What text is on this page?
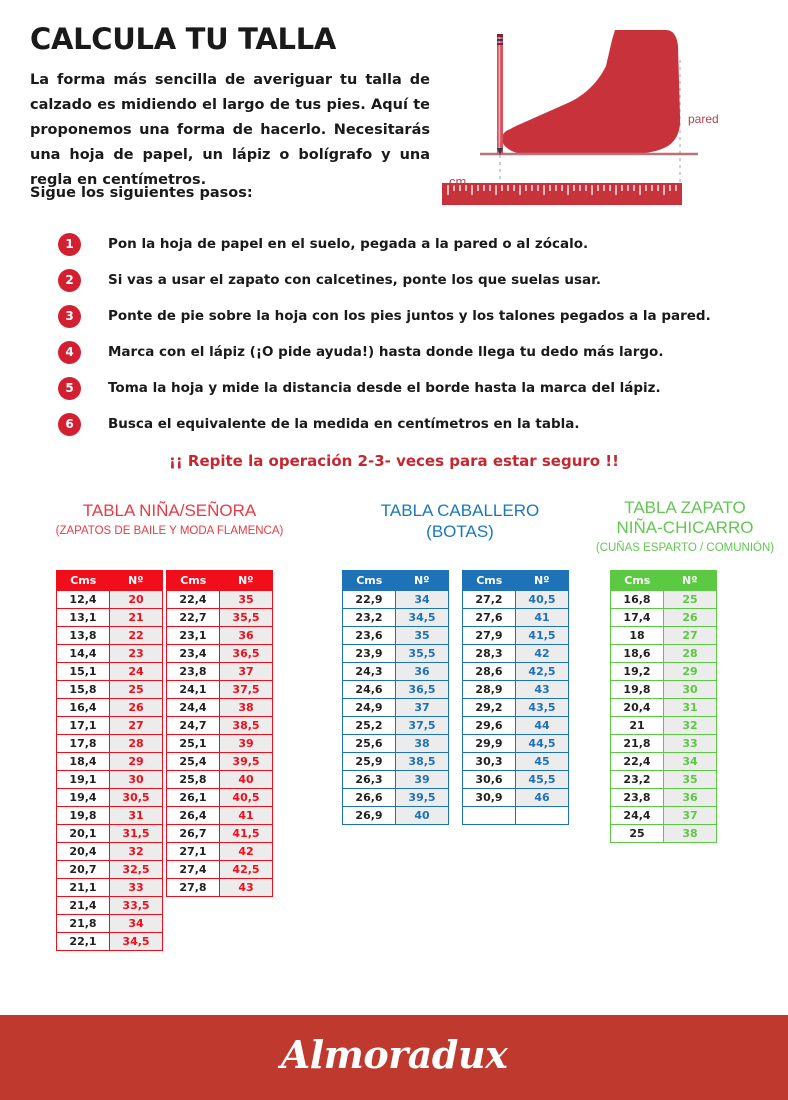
CALCULA TU TALLA
La forma más sencilla de averiguar tu talla de calzado es midiendo el largo de tus pies. Aquí te proponemos una forma de hacerlo. Necesitarás una hoja de papel, un lápiz o bolígrafo y una regla en centímetros.
Sigue los siguientes pasos:
pared
cm
1	Pon la hoja de papel en el suelo, pegada a la pared o al zócalo.
2	Si vas a usar el zapato con calcetines, ponte los que suelas usar.
3	Ponte de pie sobre la hoja con los pies juntos y los talones pegados a la pared.
4	Marca con el lápiz (¡O pide ayuda!) hasta donde llega tu dedo más largo.
5	Toma la hoja y mide la distancia desde el borde hasta la marca del lápiz.
6	Busca el equivalente de la medida en centímetros en la tabla.
¡¡ Repite la operación 2-3- veces para estar seguro !!
TABLA NIÑA/SEÑORA
(ZAPATOS DE BAILE Y MODA FLAMENCA)
TABLA CABALLERO
(BOTAS)
TABLA ZAPATO
NIÑA-CHICARRO
(CUÑAS ESPARTO / COMUNIÓN)
Cms	Nº
12,4	20
13,1	21
13,8	22
14,4	23
15,1	24
15,8	25
16,4	26
17,1	27
17,8	28
18,4	29
19,1	30
19,4	30,5
19,8	31
20,1	31,5
20,4	32
20,7	32,5
21,1	33
21,4	33,5
21,8	34
22,1	34,5
Cms	Nº
22,4	35
22,7	35,5
23,1	36
23,4	36,5
23,8	37
24,1	37,5
24,4	38
24,7	38,5
25,1	39
25,4	39,5
25,8	40
26,1	40,5
26,4	41
26,7	41,5
27,1	42
27,4	42,5
27,8	43
Cms	Nº
22,9	34
23,2	34,5
23,6	35
23,9	35,5
24,3	36
24,6	36,5
24,9	37
25,2	37,5
25,6	38
25,9	38,5
26,3	39
26,6	39,5
26,9	40
Cms	Nº
27,2	40,5
27,6	41
27,9	41,5
28,3	42
28,6	42,5
28,9	43
29,2	43,5
29,6	44
29,9	44,5
30,3	45
30,6	45,5
30,9	46

Cms	Nº
16,8	25
17,4	26
18	27
18,6	28
19,2	29
19,8	30
20,4	31
21	32
21,8	33
22,4	34
23,2	35
23,8	36
24,4	37
25	38
Almoradux
